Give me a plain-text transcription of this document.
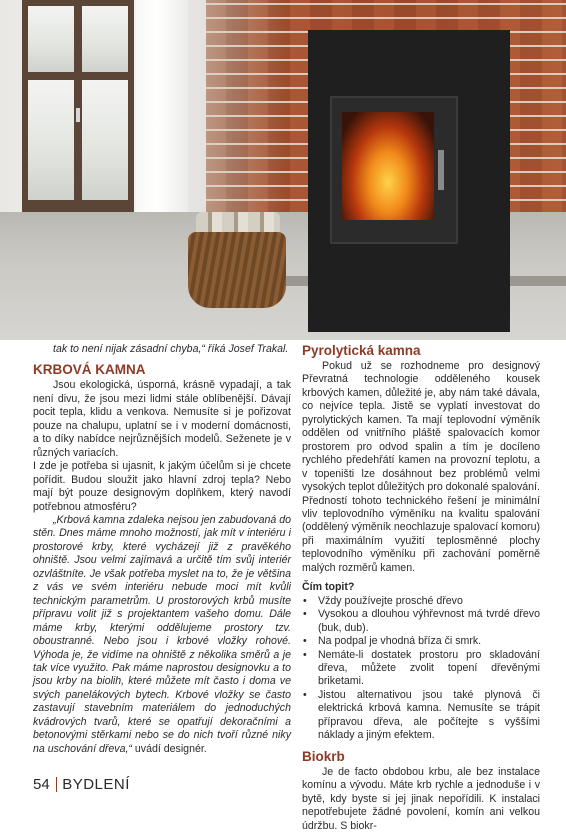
tak to není nijak zásadní chyba,“ říká Josef Trakal.

KRBOVÁ KAMNA

Jsou ekologická, úsporná, krásně vypadají, a tak není divu, že jsou mezi lidmi stále oblíbenější. Dávají pocit tepla, klidu a venkova. Nemusíte si je pořizovat pouze na chalupu, uplatní se i v moderní domácnosti, a to díky nabídce nejrůznějších modelů. Seženete je v různých variacích.

I zde je potřeba si ujasnit, k jakým účelům si je chcete pořídit. Budou sloužit jako hlavní zdroj tepla? Nebo mají být pouze designovým doplňkem, který navodí potřebnou atmosféru?

„Krbová kamna zdaleka nejsou jen zabudovaná do stěn. Dnes máme mnoho možností, jak mít v interiéru i prostorové krby, které vycházejí již z pravěkého ohniště. Jsou velmi zajímavá a určitě tím svůj interiér ozvláštníte. Je však potřeba myslet na to, že je většina z vás ve svém interiéru nebude moci mít kvůli technickým parametrům. U prostorových krbů musíte přípravu volit již s projektantem vašeho domu. Dále máme krby, kterými oddělujeme prostory tzv. oboustranné. Nebo jsou i krbové vložky rohové. Výhoda je, že vidíme na ohniště z několika směrů a je tak více využito. Pak máme naprostou designovku a to jsou krby na biolih, které můžete mít často i doma ve svých panelákových bytech. Krbové vložky se často zastavují stavebním materiálem do jednoduchých kvádrových tvarů, které se opatřují dekoračními a betonovými stěrkami nebo se do nich tvoří různé niky na uschování dřeva,“ uvádí designér.

Pyrolytická kamna

Pokud už se rozhodneme pro designový Převratná technologie odděleného kousek krbových kamen, důležité je, aby nám také dávala, co nejvíce tepla. Jistě se vyplatí investovat do pyrolytických kamen. Ta mají teplovodní výměník oddělen od vnitřního pláště spalovacích komor prostorem pro odvod spalin a tím je docíleno rychlého předehřátí kamen na provozní teplotu, a v topeništi lze dosáhnout bez problémů velmi vysokých teplot důležitých pro dokonalé spalování.

Předností tohoto technického řešení je minimální vliv teplovodního výměníku na kvalitu spalování (oddělený výměník neochlazuje spalovací komoru) při maximálním využití teplosměnné plochy teplovodního výměníku při zachování poměrně malých rozměrů kamen.

Čím topit?
• Vždy používejte prosché dřevo
• Vysokou a dlouhou výhřevnost má tvrdé dřevo (buk, dub).
• Na podpal je vhodná bříza či smrk.
• Nemáte-li dostatek prostoru pro skladování dřeva, můžete zvolit topení dřevěnými briketami.
• Jistou alternativou jsou také plynová či elektrická krbová kamna. Nemusíte se trápit přípravou dřeva, ale počítejte s vyššími náklady a jiným efektem.
Biokrb

Je de facto obdobou krbu, ale bez instalace komínu a vývodu. Máte krb rychle a jednoduše i v bytě, kdy byste si jej jinak nepořídili. K instalaci nepotřebujete žádné povolení, komín ani velkou údržbu. S biokr-

54 BYDLENÍ
